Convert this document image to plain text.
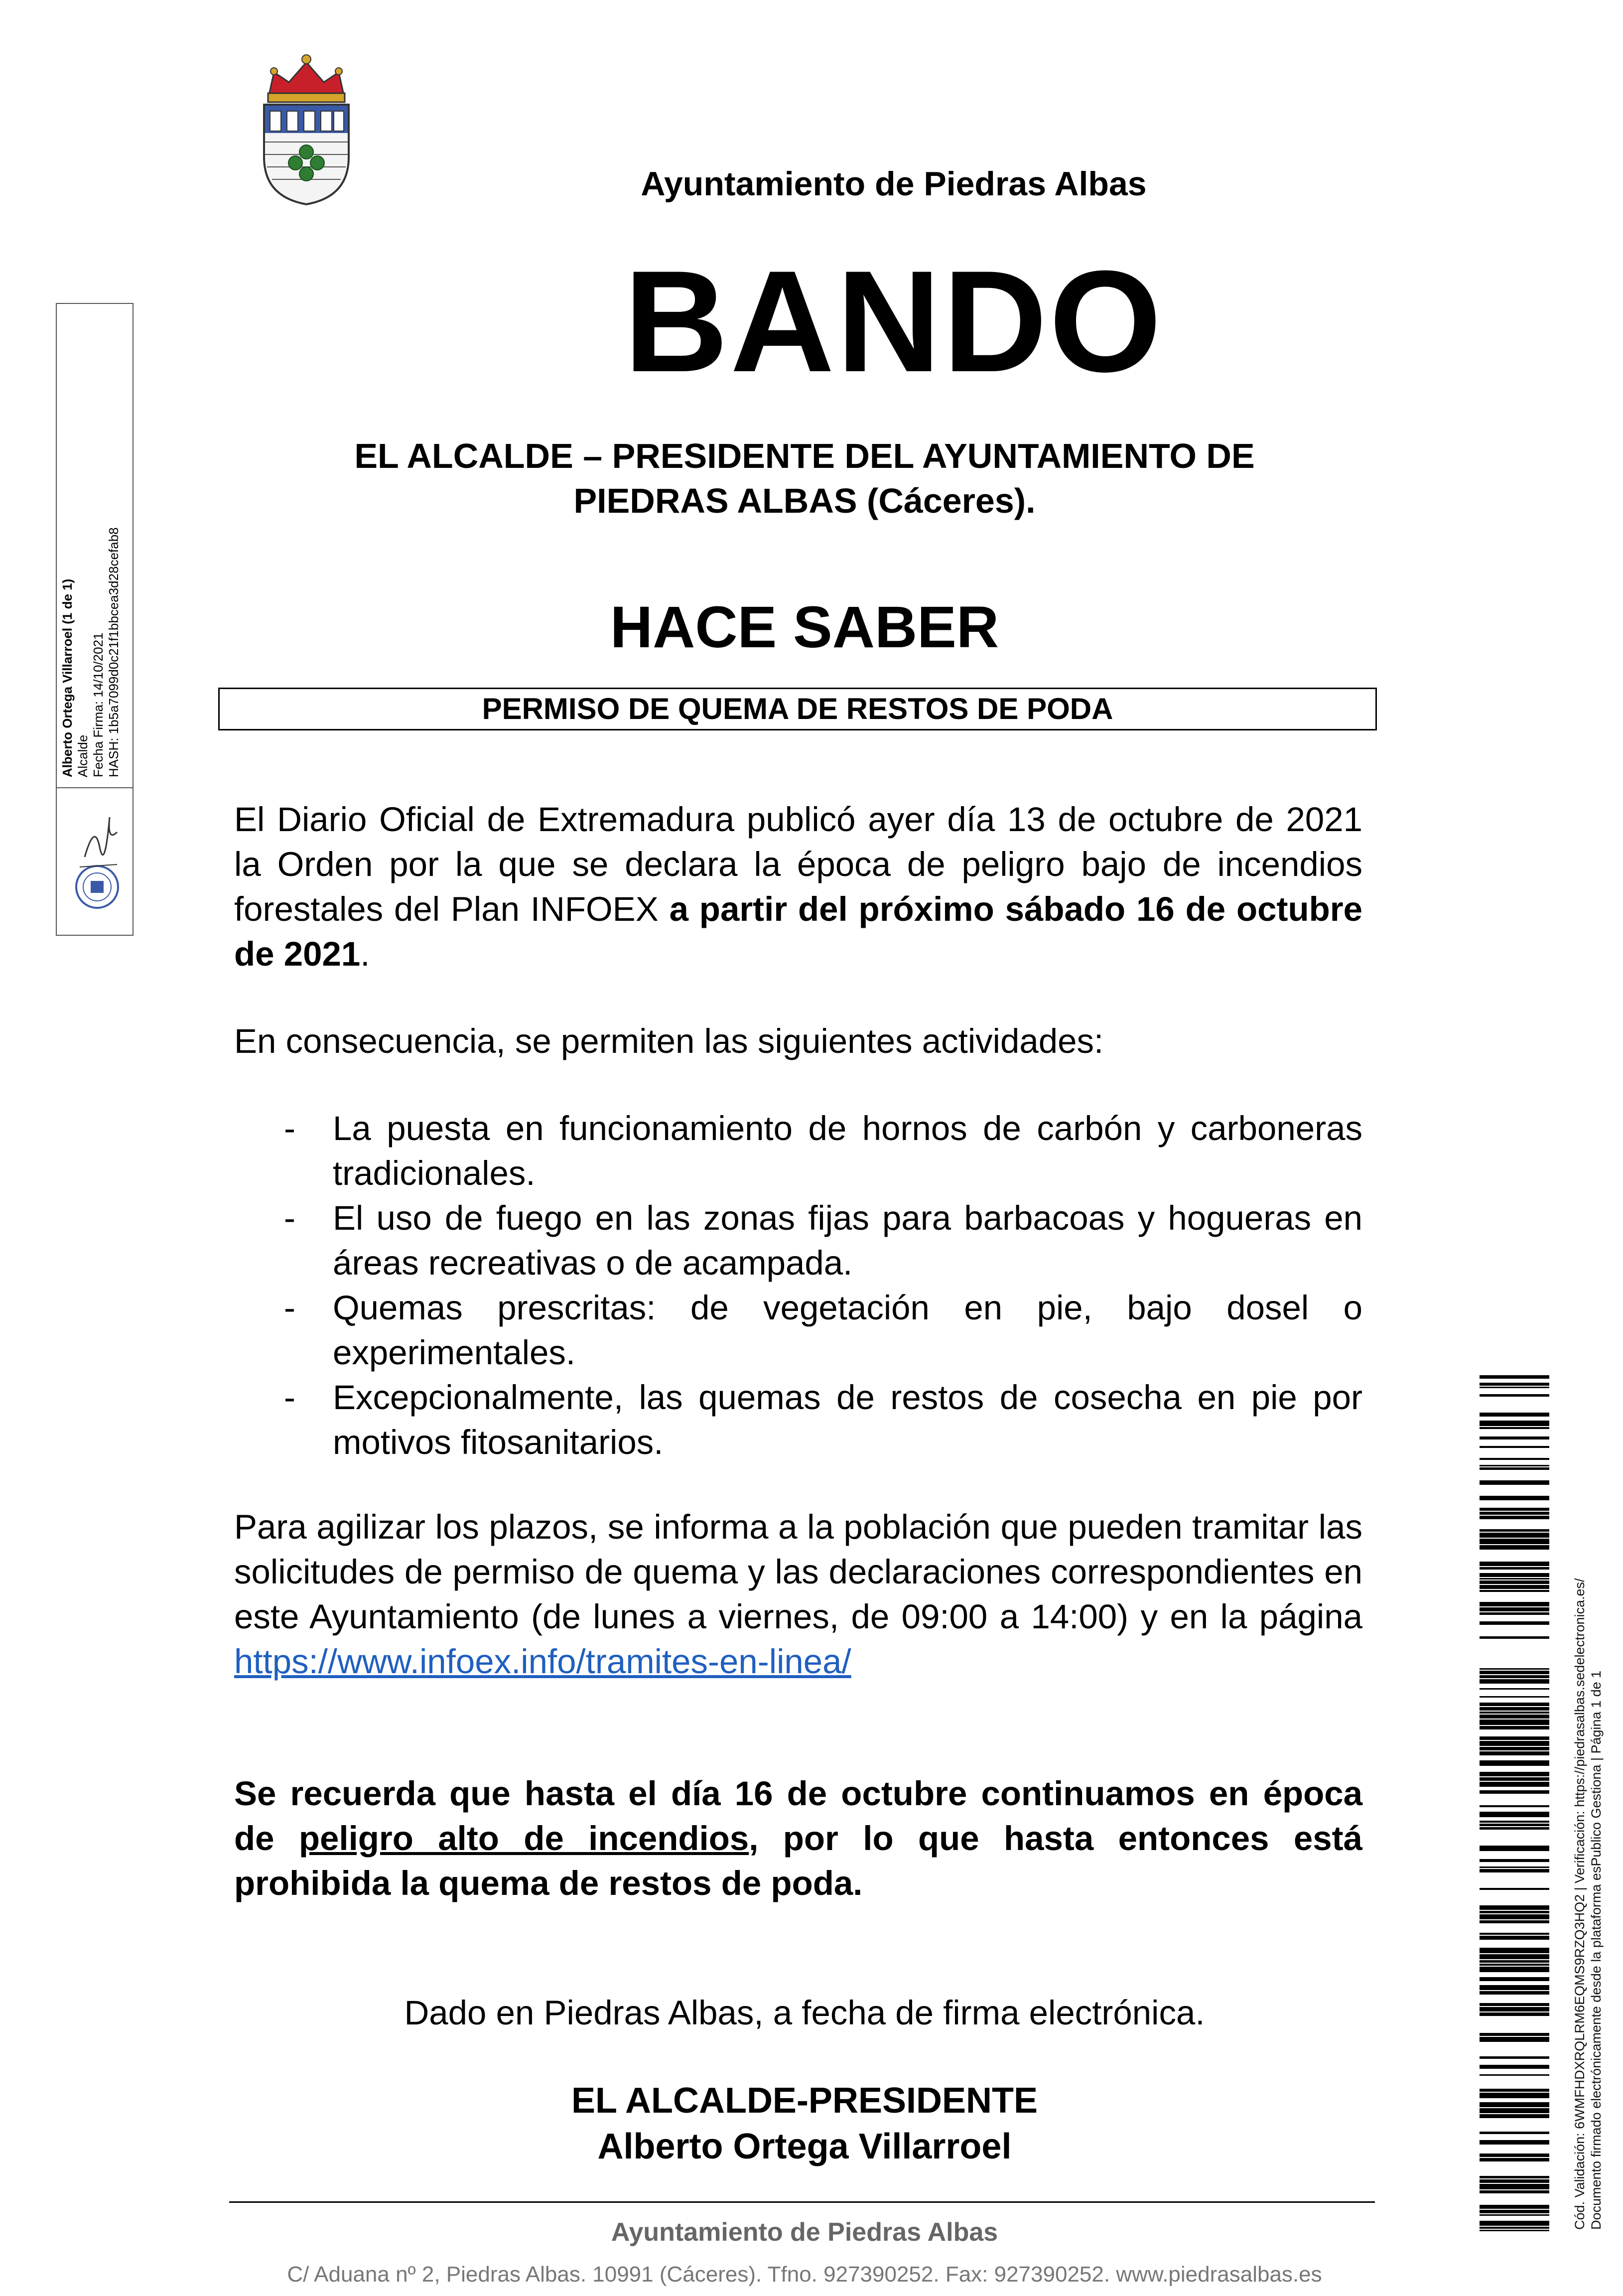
Ayuntamiento de Piedras Albas
BANDO
EL ALCALDE – PRESIDENTE DEL AYUNTAMIENTO DE
PIEDRAS ALBAS (Cáceres).
HACE SABER
PERMISO DE QUEMA DE RESTOS DE PODA
El Diario Oficial de Extremadura publicó ayer día 13 de octubre de 2021 la Orden por la que se declara la época de peligro bajo de incendios forestales del Plan INFOEX a partir del próximo sábado 16 de octubre de 2021.
En consecuencia, se permiten las siguientes actividades:
- La puesta en funcionamiento de hornos de carbón y carboneras tradicionales.
- El uso de fuego en las zonas fijas para barbacoas y hogueras en áreas recreativas o de acampada.
- Quemas prescritas: de vegetación en pie, bajo dosel o experimentales.
- Excepcionalmente, las quemas de restos de cosecha en pie por motivos fitosanitarios.
Para agilizar los plazos, se informa a la población que pueden tramitar las solicitudes de permiso de quema y las declaraciones correspondientes en este Ayuntamiento (de lunes a viernes, de 09:00 a 14:00) y en la página https://www.infoex.info/tramites-en-linea/
Se recuerda que hasta el día 16 de octubre continuamos en época de peligro alto de incendios, por lo que hasta entonces está prohibida la quema de restos de poda.
Dado en Piedras Albas, a fecha de firma electrónica.
EL ALCALDE-PRESIDENTE
Alberto Ortega Villarroel
Ayuntamiento de Piedras Albas
C/ Aduana nº 2, Piedras Albas. 10991 (Cáceres). Tfno. 927390252. Fax: 927390252. www.piedrasalbas.es
Alberto Ortega Villarroel (1 de 1) Alcalde Fecha Firma: 14/10/2021 HASH: 1b5a7099d0c21f1bbcea3d28cefab8
Cód. Validación: 6WMFHDXRQLRM6EQMS9RZQ3HQ2 | Verificación: https://piedrasalbas.sedelectronica.es/ Documento firmado electrónicamente desde la plataforma esPublico Gestiona | Página 1 de 1
